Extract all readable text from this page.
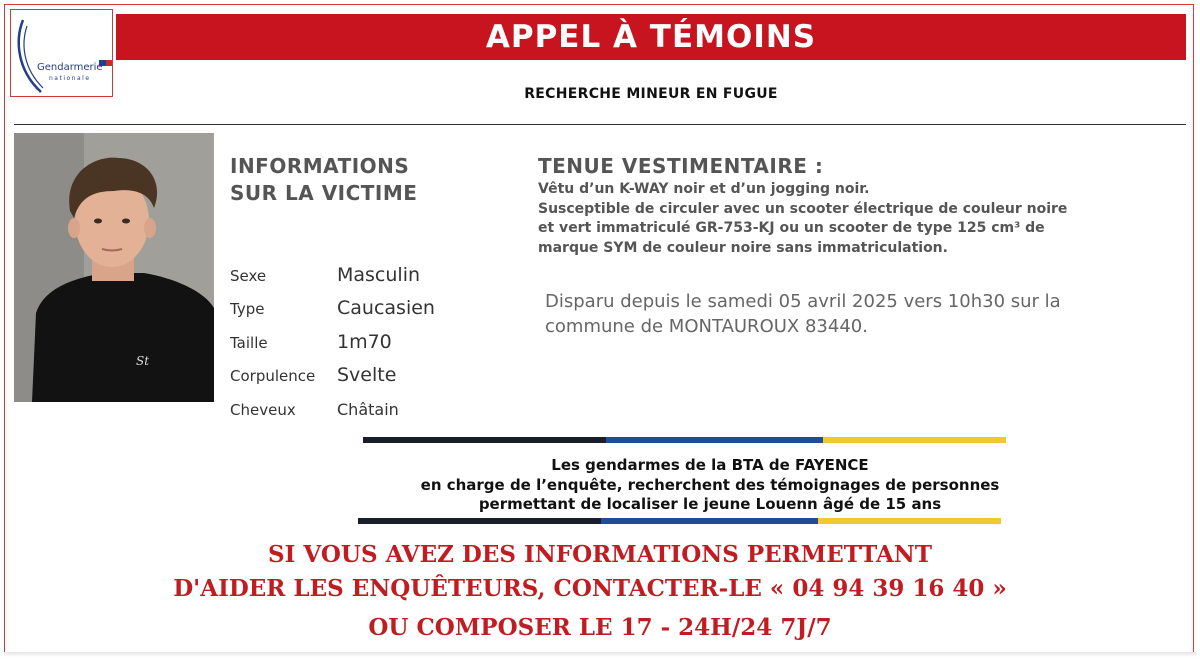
Gendarmerie
nationale
APPEL À TÉMOINS
RECHERCHE MINEUR EN FUGUE
St
INFORMATIONS
SUR LA VICTIME
Sexe	Masculin
Type	Caucasien
Taille	1m70
Corpulence Svelte
Cheveux	Châtain
TENUE VESTIMENTAIRE :
Vêtu d’un K-WAY noir et d’un jogging noir.
Susceptible de circuler avec un scooter électrique de couleur noire
et vert immatriculé GR-753-KJ ou un scooter de type 125 cm³ de
marque SYM de couleur noire sans immatriculation.
Disparu depuis le samedi 05 avril 2025 vers 10h30 sur la
commune de MONTAUROUX 83440.
Les gendarmes de la BTA de FAYENCE
en charge de l’enquête, recherchent des témoignages de personnes
permettant de localiser le jeune Louenn âgé de 15 ans
SI VOUS AVEZ DES INFORMATIONS PERMETTANT
D'AIDER LES ENQUÊTEURS, CONTACTER-LE « 04 94 39 16 40 »
OU COMPOSER LE 17 - 24H/24 7J/7
